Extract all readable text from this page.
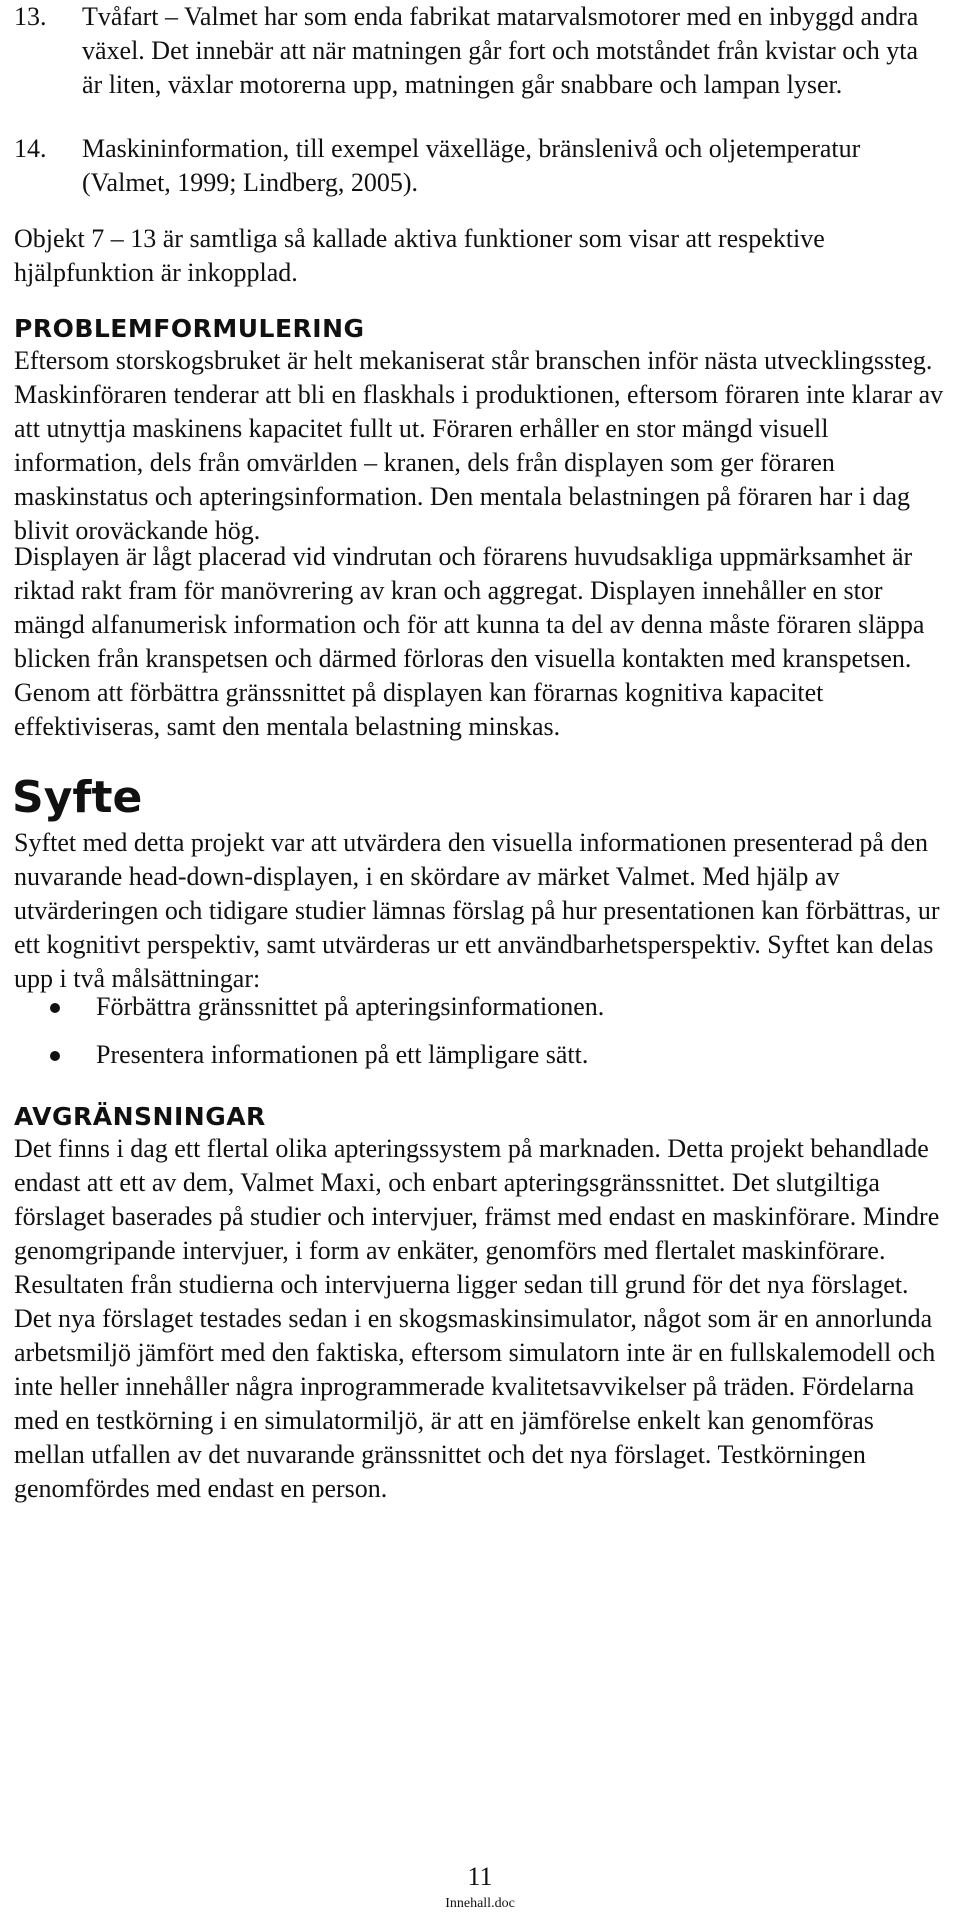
13. Tvåfart – Valmet har som enda fabrikat matarvalsmotorer med en inbyggd andra växel. Det innebär att när matningen går fort och motståndet från kvistar och yta är liten, växlar motorerna upp, matningen går snabbare och lampan lyser.
14. Maskininformation, till exempel växelläge, bränslenivå och oljetemperatur (Valmet, 1999; Lindberg, 2005).

Objekt 7 – 13 är samtliga så kallade aktiva funktioner som visar att respektive hjälpfunktion är inkopplad.

PROBLEMFORMULERING

Eftersom storskogsbruket är helt mekaniserat står branschen inför nästa utvecklingssteg. Maskinföraren tenderar att bli en flaskhals i produktionen, eftersom föraren inte klarar av att utnyttja maskinens kapacitet fullt ut. Föraren erhåller en stor mängd visuell information, dels från omvärlden – kranen, dels från displayen som ger föraren maskinstatus och apteringsinformation. Den mentala belastningen på föraren har i dag blivit oroväckande hög.

Displayen är lågt placerad vid vindrutan och förarens huvudsakliga uppmärksamhet är riktad rakt fram för manövrering av kran och aggregat. Displayen innehåller en stor mängd alfanumerisk information och för att kunna ta del av denna måste föraren släppa blicken från kranspetsen och därmed förloras den visuella kontakten med kranspetsen. Genom att förbättra gränssnittet på displayen kan förarnas kognitiva kapacitet effektiviseras, samt den mentala belastning minskas.

Syfte

Syftet med detta projekt var att utvärdera den visuella informationen presenterad på den nuvarande head-down-displayen, i en skördare av märket Valmet. Med hjälp av utvärderingen och tidigare studier lämnas förslag på hur presentationen kan förbättras, ur ett kognitivt perspektiv, samt utvärderas ur ett användbarhetsperspektiv. Syftet kan delas upp i två målsättningar:

Förbättra gränssnittet på apteringsinformationen.
Presentera informationen på ett lämpligare sätt.
AVGRÄNSNINGAR

Det finns i dag ett flertal olika apteringssystem på marknaden. Detta projekt behandlade endast att ett av dem, Valmet Maxi, och enbart apteringsgränssnittet. Det slutgiltiga förslaget baserades på studier och intervjuer, främst med endast en maskinförare. Mindre genomgripande intervjuer, i form av enkäter, genomförs med flertalet maskinförare. Resultaten från studierna och intervjuerna ligger sedan till grund för det nya förslaget. Det nya förslaget testades sedan i en skogsmaskinsimulator, något som är en annorlunda arbetsmiljö jämfört med den faktiska, eftersom simulatorn inte är en fullskalemodell och inte heller innehåller några inprogrammerade kvalitetsavvikelser på träden. Fördelarna med en testkörning i en simulatormiljö, är att en jämförelse enkelt kan genomföras mellan utfallen av det nuvarande gränssnittet och det nya förslaget. Testkörningen genomfördes med endast en person.

11
Innehall.doc
